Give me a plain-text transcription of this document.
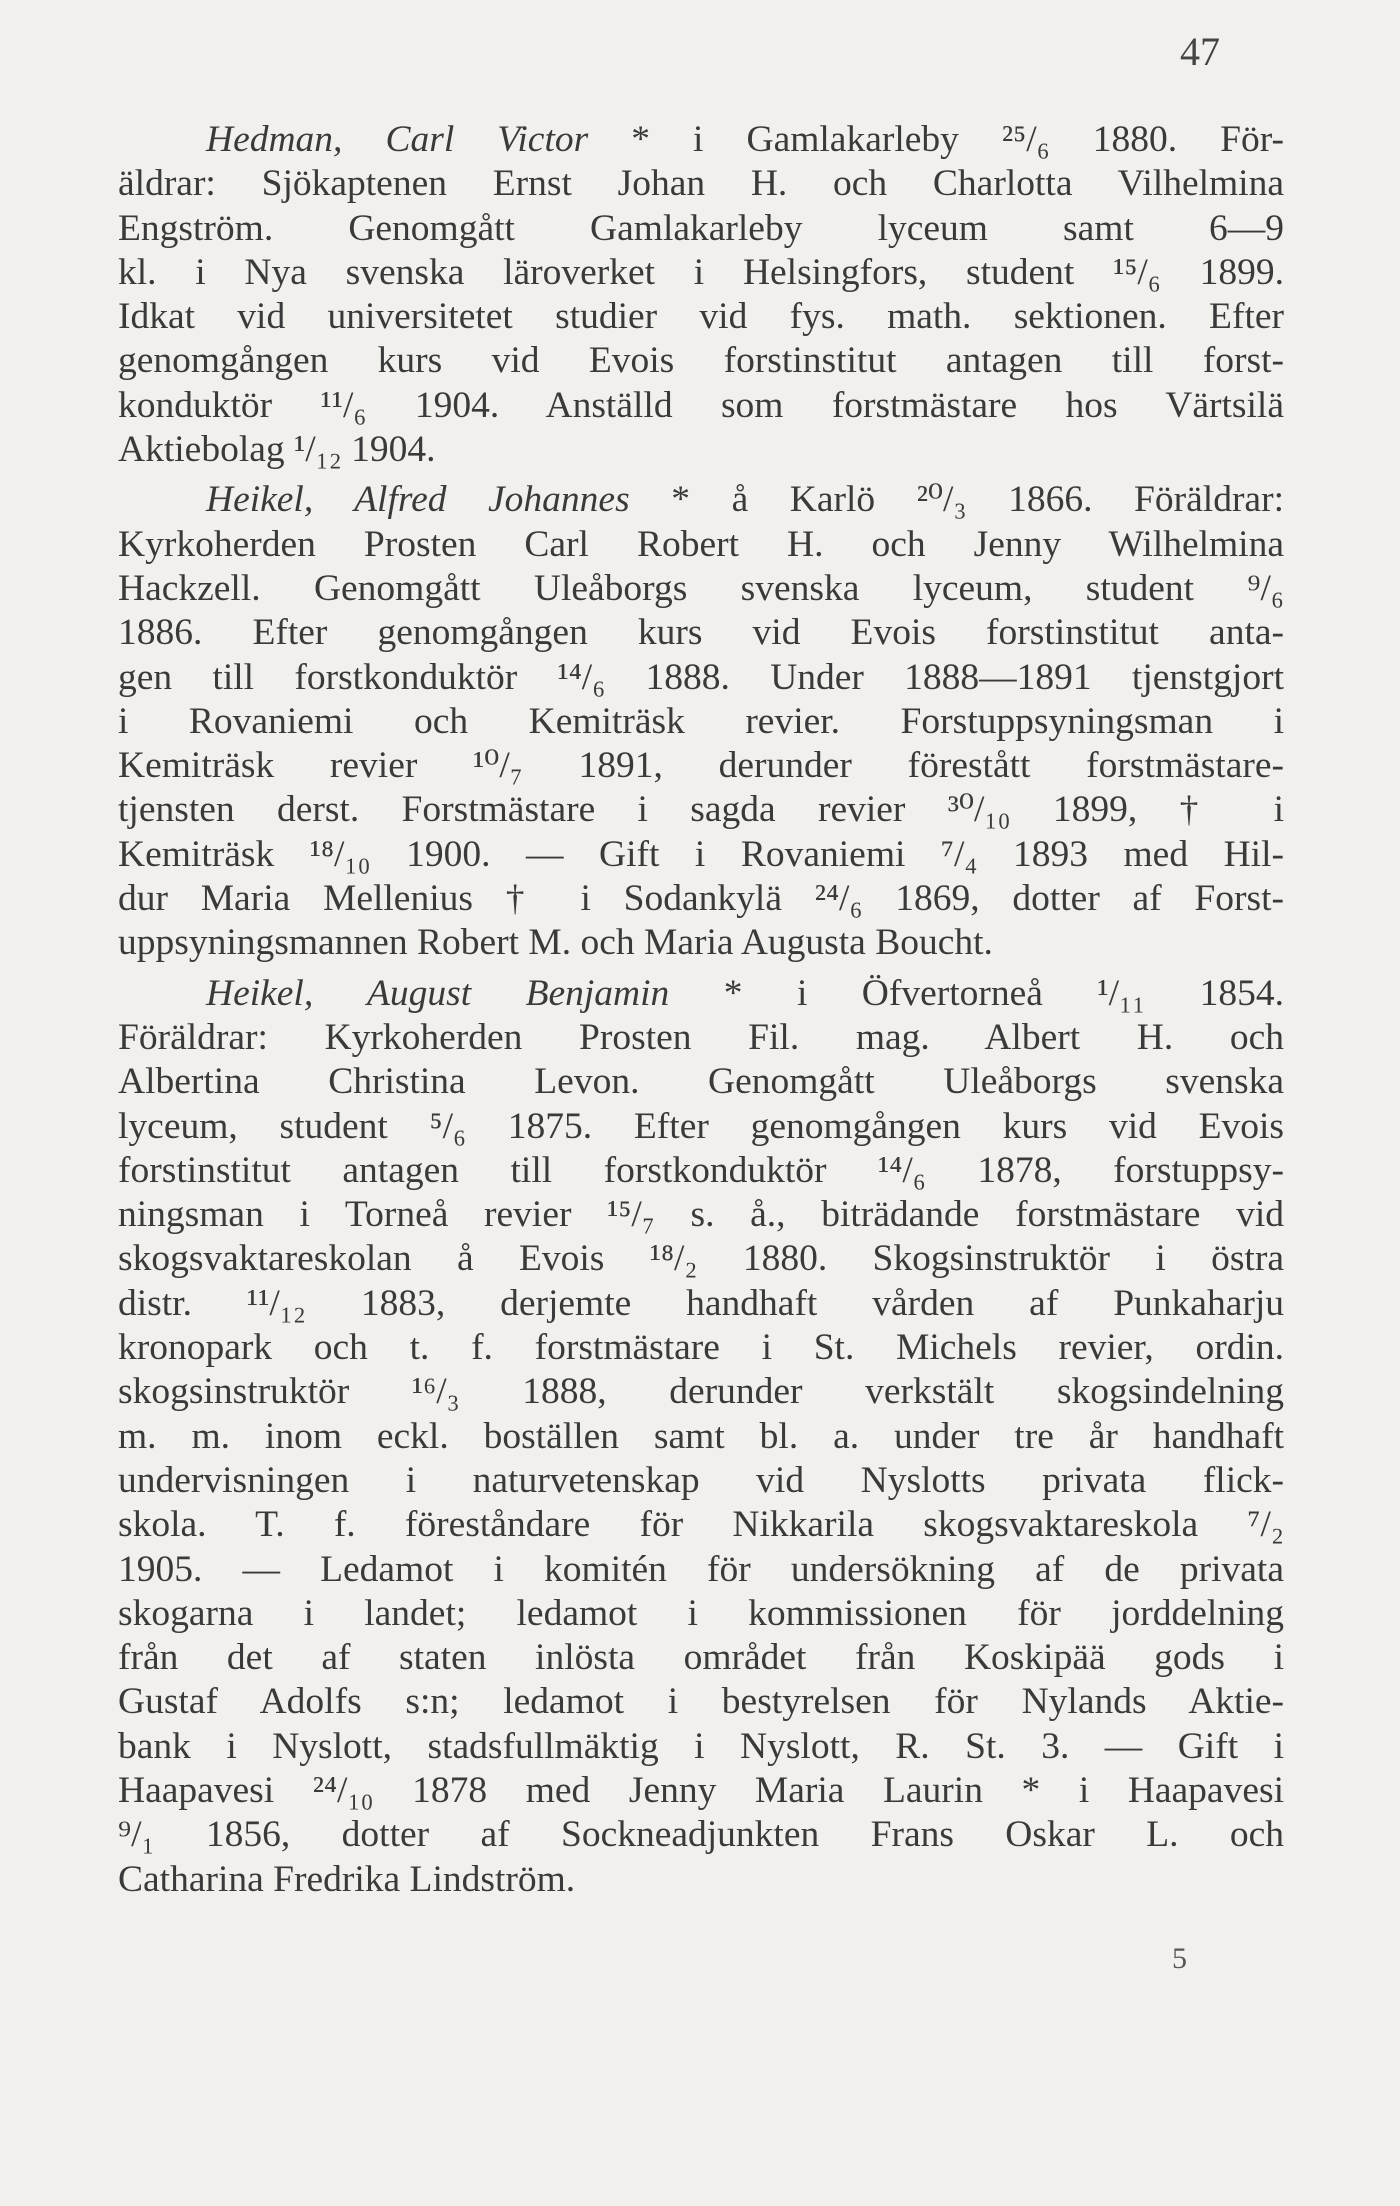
47
Hedman, Carl Victor * i Gamlakarleby ²⁵/₆ 1880. För-
äldrar: Sjökaptenen Ernst Johan H. och Charlotta Vilhelmina
Engström. Genomgått Gamlakarleby lyceum samt 6—9
kl. i Nya svenska läroverket i Helsingfors, student ¹⁵/₆ 1899.
Idkat vid universitetet studier vid fys. math. sektionen. Efter
genomgången kurs vid Evois forstinstitut antagen till forst-
konduktör ¹¹/₆ 1904. Anställd som forstmästare hos Värtsilä
Aktiebolag ¹/₁₂ 1904.
Heikel, Alfred Johannes * å Karlö ²⁰/₃ 1866. Föräldrar:
Kyrkoherden Prosten Carl Robert H. och Jenny Wilhelmina
Hackzell. Genomgått Uleåborgs svenska lyceum, student ⁹/₆
1886. Efter genomgången kurs vid Evois forstinstitut anta-
gen till forstkonduktör ¹⁴/₆ 1888. Under 1888—1891 tjenstgjort
i Rovaniemi och Kemiträsk revier. Forstuppsyningsman i
Kemiträsk revier ¹⁰/₇ 1891, derunder förestått forstmästare-
tjensten derst. Forstmästare i sagda revier ³⁰/₁₀ 1899, † i
Kemiträsk ¹⁸/₁₀ 1900. — Gift i Rovaniemi ⁷/₄ 1893 med Hil-
dur Maria Mellenius † i Sodankylä ²⁴/₆ 1869, dotter af Forst-
uppsyningsmannen Robert M. och Maria Augusta Boucht.
Heikel, August Benjamin * i Öfvertorneå ¹/₁₁ 1854.
Föräldrar: Kyrkoherden Prosten Fil. mag. Albert H. och
Albertina Christina Levon. Genomgått Uleåborgs svenska
lyceum, student ⁵/₆ 1875. Efter genomgången kurs vid Evois
forstinstitut antagen till forstkonduktör ¹⁴/₆ 1878, forstuppsy-
ningsman i Torneå revier ¹⁵/₇ s. å., biträdande forstmästare vid
skogsvaktareskolan å Evois ¹⁸/₂ 1880. Skogsinstruktör i östra
distr. ¹¹/₁₂ 1883, derjemte handhaft vården af Punkaharju
kronopark och t. f. forstmästare i St. Michels revier, ordin.
skogsinstruktör ¹⁶/₃ 1888, derunder verkstält skogsindelning
m. m. inom eckl. boställen samt bl. a. under tre år handhaft
undervisningen i naturvetenskap vid Nyslotts privata flick-
skola. T. f. föreståndare för Nikkarila skogsvaktareskola ⁷/₂
1905. — Ledamot i komitén för undersökning af de privata
skogarna i landet; ledamot i kommissionen för jorddelning
från det af staten inlösta området från Koskipää gods i
Gustaf Adolfs s:n; ledamot i bestyrelsen för Nylands Aktie-
bank i Nyslott, stadsfullmäktig i Nyslott, R. St. 3. — Gift i
Haapavesi ²⁴/₁₀ 1878 med Jenny Maria Laurin * i Haapavesi
⁹/₁ 1856, dotter af Sockneadjunkten Frans Oskar L. och
Catharina Fredrika Lindström.
5
